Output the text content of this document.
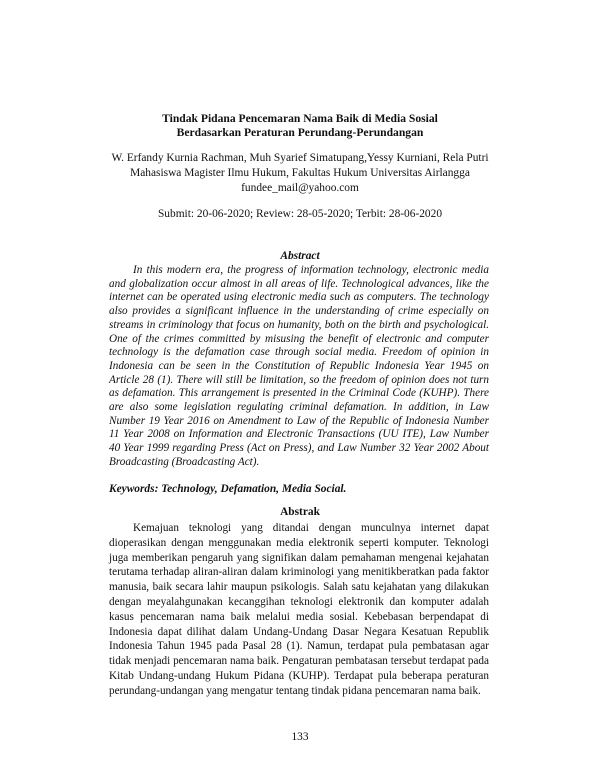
Tindak Pidana Pencemaran Nama Baik di Media Sosial
Berdasarkan Peraturan Perundang-Perundangan
W. Erfandy Kurnia Rachman, Muh Syarief Simatupang,Yessy Kurniani, Rela Putri
Mahasiswa Magister Ilmu Hukum, Fakultas Hukum Universitas Airlangga
fundee_mail@yahoo.com
Submit: 20-06-2020; Review: 28-05-2020; Terbit: 28-06-2020
Abstract

In this modern era, the progress of information technology, electronic media and globalization occur almost in all areas of life. Technological advances, like the internet can be operated using electronic media such as computers. The technology also provides a significant influence in the understanding of crime especially on streams in criminology that focus on humanity, both on the birth and psychological. One of the crimes committed by misusing the benefit of electronic and computer technology is the defamation case through social media. Freedom of opinion in Indonesia can be seen in the Constitution of Republic Indonesia Year 1945 on Article 28 (1). There will still be limitation, so the freedom of opinion does not turn as defamation. This arrangement is presented in the Criminal Code (KUHP). There are also some legislation regulating criminal defamation. In addition, in Law Number 19 Year 2016 on Amendment to Law of the Republic of Indonesia Number 11 Year 2008 on Information and Electronic Transactions (UU ITE), Law Number 40 Year 1999 regarding Press (Act on Press), and Law Number 32 Year 2002 About Broadcasting (Broadcasting Act).

Keywords: Technology, Defamation, Media Social.

Abstrak

Kemajuan teknologi yang ditandai dengan munculnya internet dapat dioperasikan dengan menggunakan media elektronik seperti komputer. Teknologi juga memberikan pengaruh yang signifikan dalam pemahaman mengenai kejahatan terutama terhadap aliran-aliran dalam kriminologi yang menitikberatkan pada faktor manusia, baik secara lahir maupun psikologis. Salah satu kejahatan yang dilakukan dengan meyalahgunakan kecanggihan teknologi elektronik dan komputer adalah kasus pencemaran nama baik melalui media sosial. Kebebasan berpendapat di Indonesia dapat dilihat dalam Undang-Undang Dasar Negara Kesatuan Republik Indonesia Tahun 1945 pada Pasal 28 (1). Namun, terdapat pula pembatasan agar tidak menjadi pencemaran nama baik. Pengaturan pembatasan tersebut terdapat pada Kitab Undang-undang Hukum Pidana (KUHP). Terdapat pula beberapa peraturan perundang-undangan yang mengatur tentang tindak pidana pencemaran nama baik.

133
